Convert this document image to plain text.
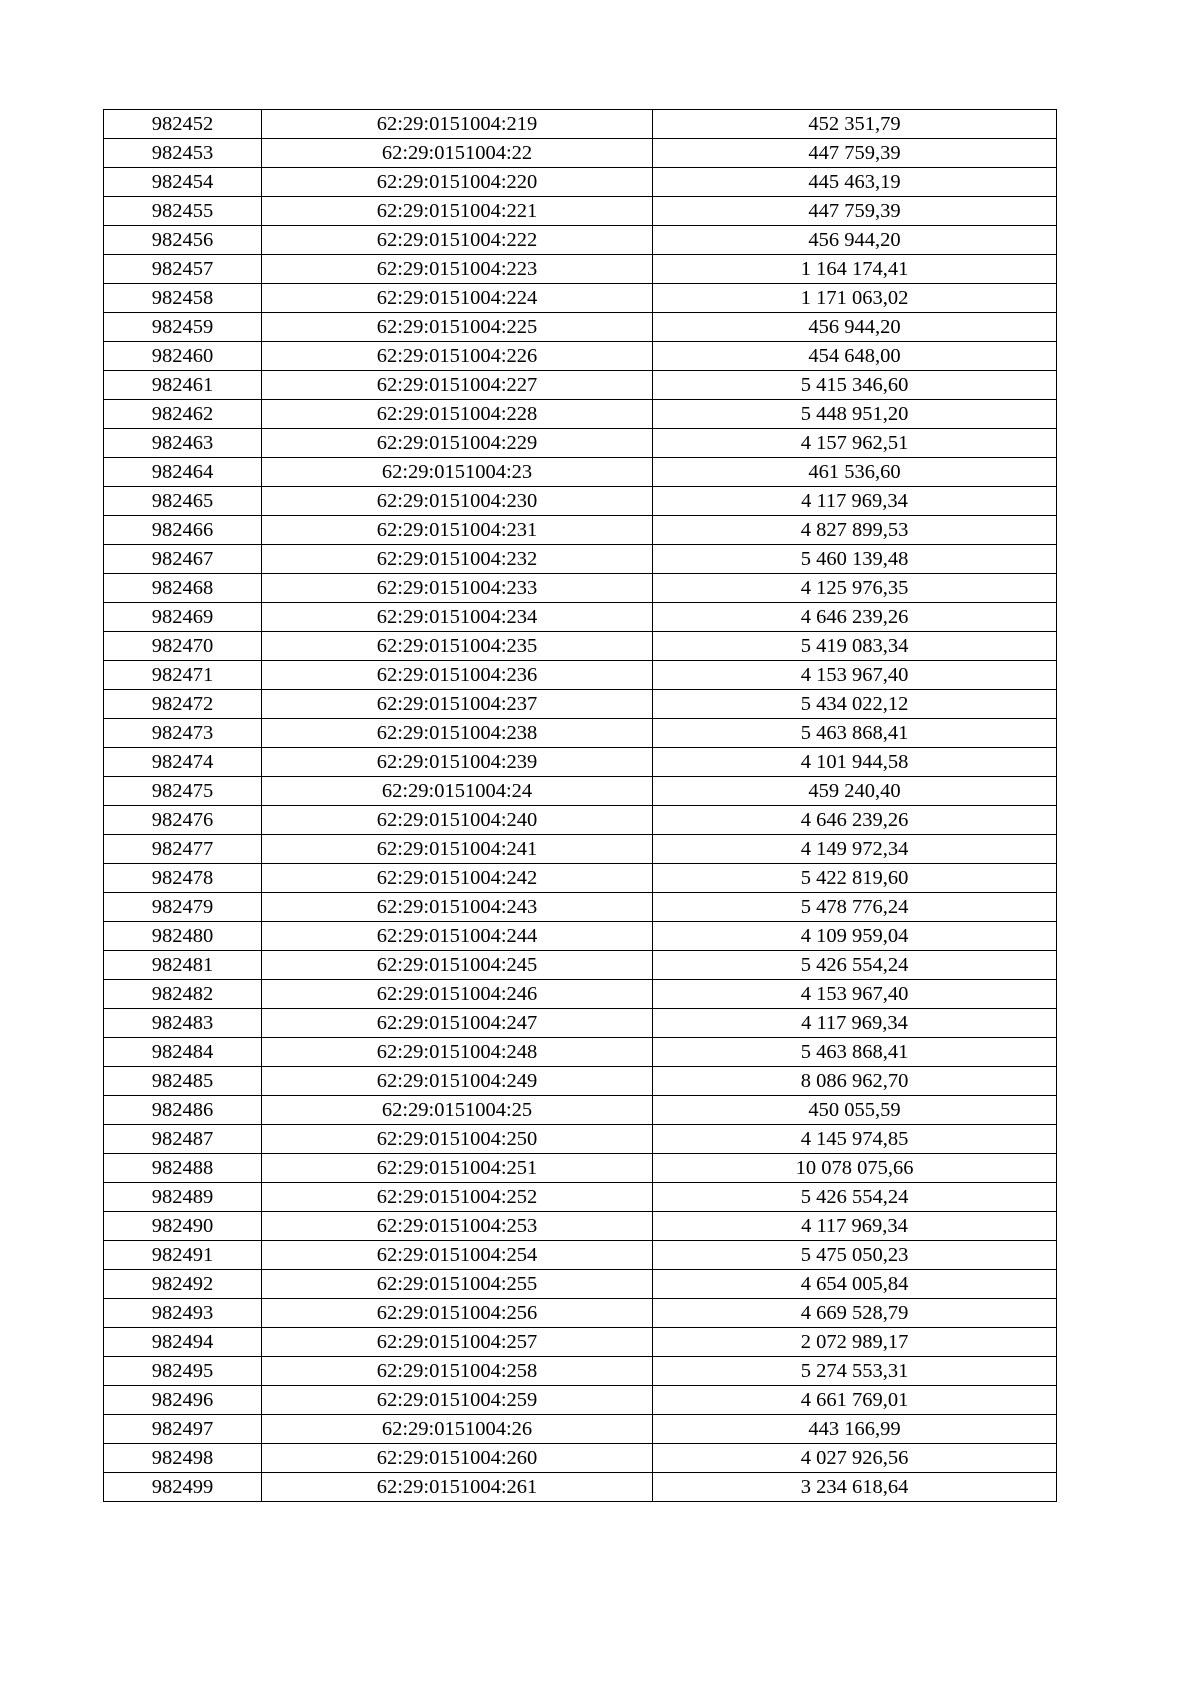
982452	62:29:0151004:219	452 351,79
982453	62:29:0151004:22	447 759,39
982454	62:29:0151004:220	445 463,19
982455	62:29:0151004:221	447 759,39
982456	62:29:0151004:222	456 944,20
982457	62:29:0151004:223	1 164 174,41
982458	62:29:0151004:224	1 171 063,02
982459	62:29:0151004:225	456 944,20
982460	62:29:0151004:226	454 648,00
982461	62:29:0151004:227	5 415 346,60
982462	62:29:0151004:228	5 448 951,20
982463	62:29:0151004:229	4 157 962,51
982464	62:29:0151004:23	461 536,60
982465	62:29:0151004:230	4 117 969,34
982466	62:29:0151004:231	4 827 899,53
982467	62:29:0151004:232	5 460 139,48
982468	62:29:0151004:233	4 125 976,35
982469	62:29:0151004:234	4 646 239,26
982470	62:29:0151004:235	5 419 083,34
982471	62:29:0151004:236	4 153 967,40
982472	62:29:0151004:237	5 434 022,12
982473	62:29:0151004:238	5 463 868,41
982474	62:29:0151004:239	4 101 944,58
982475	62:29:0151004:24	459 240,40
982476	62:29:0151004:240	4 646 239,26
982477	62:29:0151004:241	4 149 972,34
982478	62:29:0151004:242	5 422 819,60
982479	62:29:0151004:243	5 478 776,24
982480	62:29:0151004:244	4 109 959,04
982481	62:29:0151004:245	5 426 554,24
982482	62:29:0151004:246	4 153 967,40
982483	62:29:0151004:247	4 117 969,34
982484	62:29:0151004:248	5 463 868,41
982485	62:29:0151004:249	8 086 962,70
982486	62:29:0151004:25	450 055,59
982487	62:29:0151004:250	4 145 974,85
982488	62:29:0151004:251	10 078 075,66
982489	62:29:0151004:252	5 426 554,24
982490	62:29:0151004:253	4 117 969,34
982491	62:29:0151004:254	5 475 050,23
982492	62:29:0151004:255	4 654 005,84
982493	62:29:0151004:256	4 669 528,79
982494	62:29:0151004:257	2 072 989,17
982495	62:29:0151004:258	5 274 553,31
982496	62:29:0151004:259	4 661 769,01
982497	62:29:0151004:26	443 166,99
982498	62:29:0151004:260	4 027 926,56
982499	62:29:0151004:261	3 234 618,64
